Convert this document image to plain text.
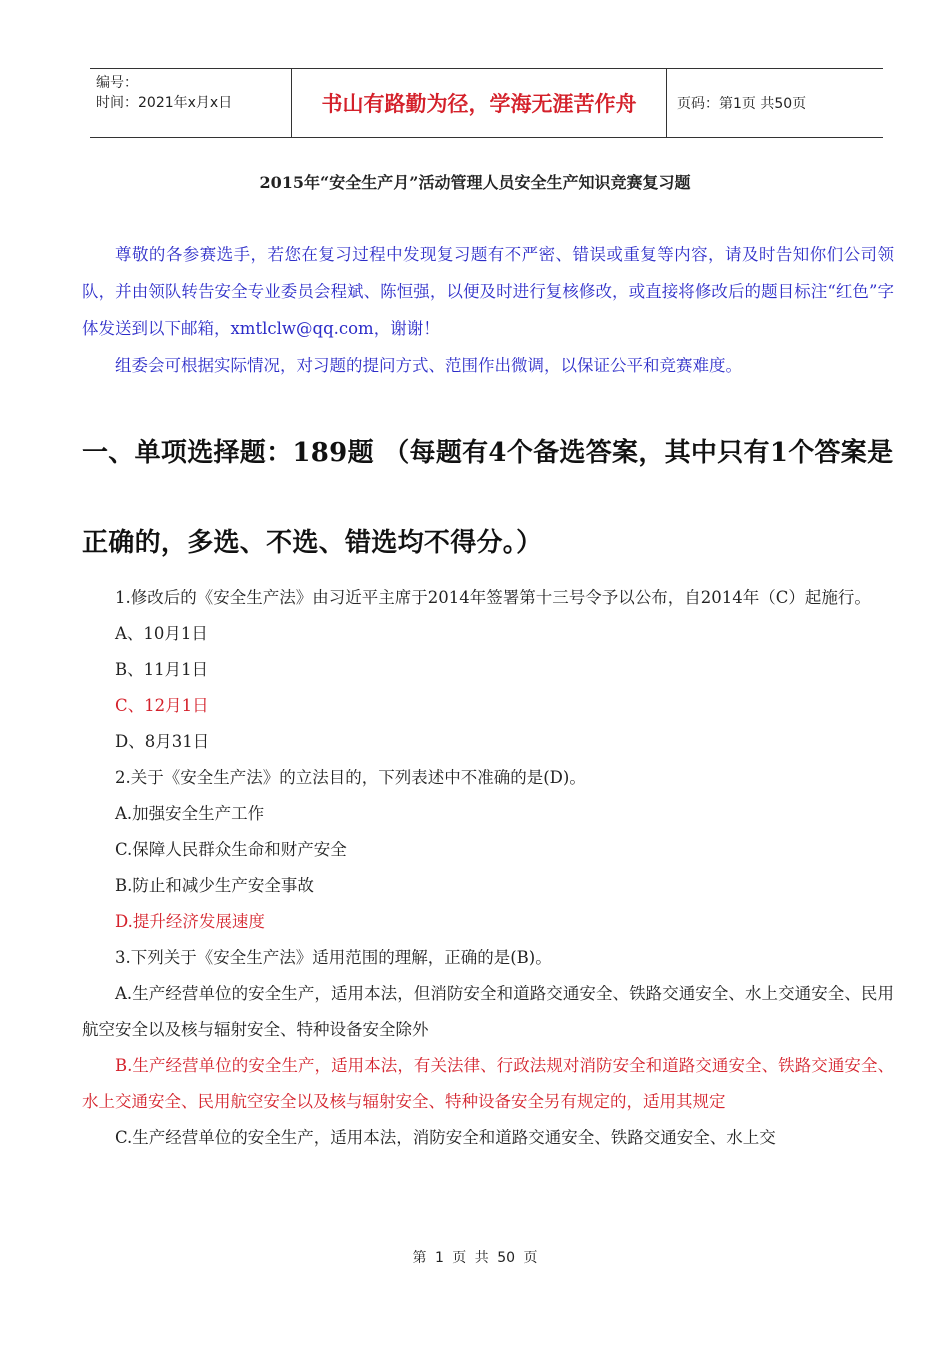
编号：
时间：2021年x月x日	书山有路勤为径，学海无涯苦作舟	页码：第1页 共50页
2015年“安全生产月”活动管理人员安全生产知识竞赛复习题

尊敬的各参赛选手，若您在复习过程中发现复习题有不严密、错误或重复等内容，请及时告知你们公司领队，并由领队转告安全专业委员会程斌、陈恒强，以便及时进行复核修改，或直接将修改后的题目标注“红色”字体发送到以下邮箱，xmtlclw@qq.com，谢谢！

组委会可根据实际情况，对习题的提问方式、范围作出微调，以保证公平和竞赛难度。

一、单项选择题：189题 （每题有4个备选答案，其中只有1个答案是正确的，多选、不选、错选均不得分。）

1.修改后的《安全生产法》由习近平主席于2014年签署第十三号令予以公布，自2014年（C）起施行。

A、10月1日

B、11月1日

C、12月1日

D、8月31日

2.关于《安全生产法》的立法目的，下列表述中不准确的是(D)。

A.加强安全生产工作

C.保障人民群众生命和财产安全

B.防止和减少生产安全事故

D.提升经济发展速度

3.下列关于《安全生产法》适用范围的理解，正确的是(B)。

A.生产经营单位的安全生产，适用本法，但消防安全和道路交通安全、铁路交通安全、水上交通安全、民用航空安全以及核与辐射安全、特种设备安全除外

B.生产经营单位的安全生产，适用本法，有关法律、行政法规对消防安全和道路交通安全、铁路交通安全、水上交通安全、民用航空安全以及核与辐射安全、特种设备安全另有规定的，适用其规定

C.生产经营单位的安全生产，适用本法，消防安全和道路交通安全、铁路交通安全、水上交

第 1 页 共 50 页
